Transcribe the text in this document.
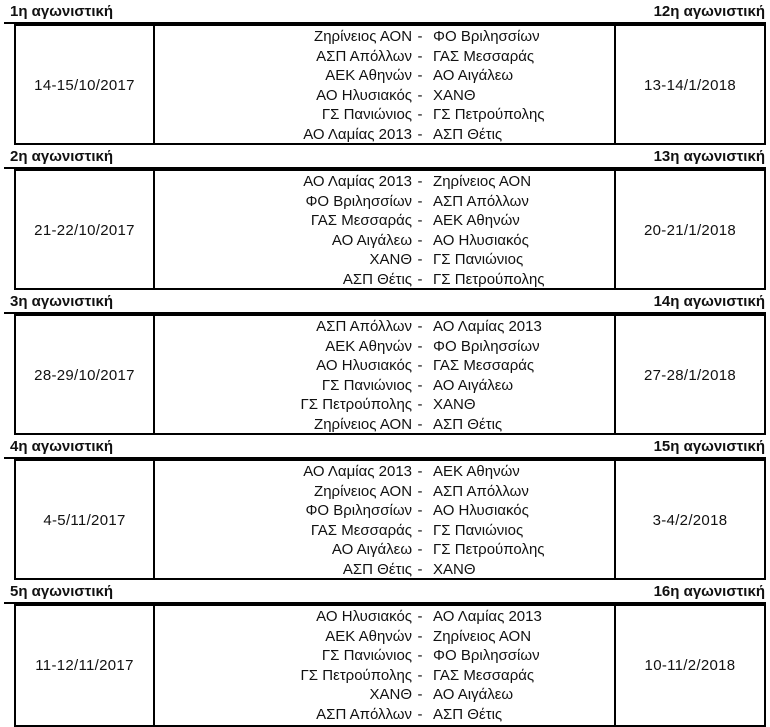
1η αγωνιστική	12η αγωνιστική
14-15/10/2017
Ζηρίνειος ΑΟΝ - ΦΟ Βριλησσίων
ΑΣΠ Απόλλων - ΓΑΣ Μεσσαράς
ΑΕΚ Αθηνών - ΑΟ Αιγάλεω
ΑΟ Ηλυσιακός - ΧΑΝΘ
ΓΣ Πανιώνιος - ΓΣ Πετρούπολης
ΑΟ Λαμίας 2013 - ΑΣΠ Θέτις
13-14/1/2018
2η αγωνιστική	13η αγωνιστική
21-22/10/2017
ΑΟ Λαμίας 2013 - Ζηρίνειος ΑΟΝ
ΦΟ Βριλησσίων - ΑΣΠ Απόλλων
ΓΑΣ Μεσσαράς - ΑΕΚ Αθηνών
ΑΟ Αιγάλεω - ΑΟ Ηλυσιακός
ΧΑΝΘ - ΓΣ Πανιώνιος
ΑΣΠ Θέτις - ΓΣ Πετρούπολης
20-21/1/2018
3η αγωνιστική	14η αγωνιστική
28-29/10/2017
ΑΣΠ Απόλλων - ΑΟ Λαμίας 2013
ΑΕΚ Αθηνών - ΦΟ Βριλησσίων
ΑΟ Ηλυσιακός - ΓΑΣ Μεσσαράς
ΓΣ Πανιώνιος - ΑΟ Αιγάλεω
ΓΣ Πετρούπολης - ΧΑΝΘ
Ζηρίνειος ΑΟΝ - ΑΣΠ Θέτις
27-28/1/2018
4η αγωνιστική	15η αγωνιστική
4-5/11/2017
ΑΟ Λαμίας 2013 - ΑΕΚ Αθηνών
Ζηρίνειος ΑΟΝ - ΑΣΠ Απόλλων
ΦΟ Βριλησσίων - ΑΟ Ηλυσιακός
ΓΑΣ Μεσσαράς - ΓΣ Πανιώνιος
ΑΟ Αιγάλεω - ΓΣ Πετρούπολης
ΑΣΠ Θέτις - ΧΑΝΘ
3-4/2/2018
5η αγωνιστική	16η αγωνιστική
11-12/11/2017
ΑΟ Ηλυσιακός - ΑΟ Λαμίας 2013
ΑΕΚ Αθηνών - Ζηρίνειος ΑΟΝ
ΓΣ Πανιώνιος - ΦΟ Βριλησσίων
ΓΣ Πετρούπολης - ΓΑΣ Μεσσαράς
ΧΑΝΘ - ΑΟ Αιγάλεω
ΑΣΠ Απόλλων - ΑΣΠ Θέτις
10-11/2/2018
